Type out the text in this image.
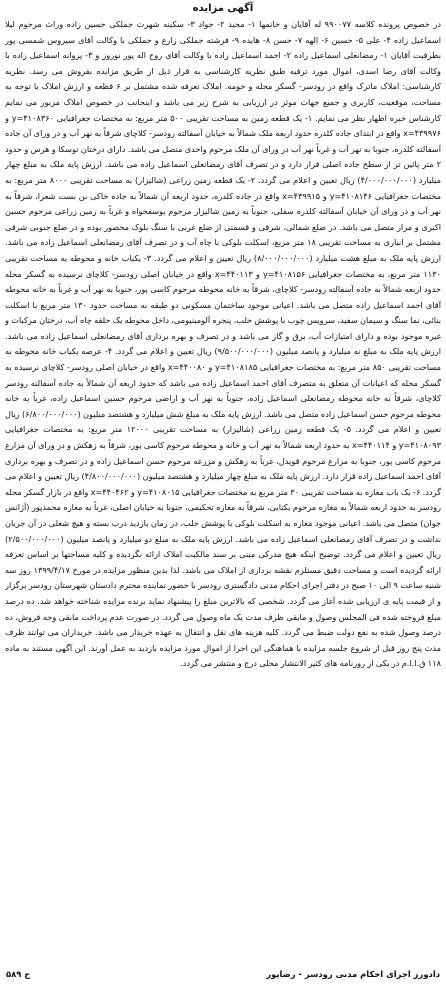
آگهی مزایده

در خصوص پرونده کلاسه ۹۹۰۰۷۷ له آقایان و خانمها ۱- مجید ۲- جواد ۳- سکینه شهرت جملکی حسین زاده وراث مرحوم لیلا اسماعیل زاده ۴- علی ۵- حسین ۶- الهه ۷- حسن ۸- هایده ۹- فرشته جملکی زارع و جملکی با وکالت آقای سیروس شمسی پور بطرفیت آقایان ۱- رمضانعلی اسماعیل زاده ۲- احمد اسماعیل زاده با وکالت آقای روح اله پور نوروز و ۳- پروانه اسماعیل زاده با وکالت آقای رضا اسدی، اموال مورد ترفیه طبق نظریه کارشناسی به قرار ذیل از طریق مزایده بفروش می رسد. نظریه کارشناسی: املاک ماترک واقع در رودسر- گسکر محله و حومه. املاک تعرفه شده مشتمل بر ۶ قطعه و ارزش املاک با توجه به مساحت، موقعیت، کاربری و جمیع جهات موثر در ارزیابی به شرح زیر می باشد و اینجانب در خصوص املاک مزبور می نمایم کارشناس خبره اظهار نظر می نمایم. ۱- یک قطعه زمین به مساحت تقریبی ۵۰۰ متر مربع: به مختصات جغرافیایی y=۴۱۰۸۳۶۰ و x=۴۳۹۹۷۶ واقع در ابتدای جاده کلدره حدود اربعه ملک شمالاً به خیابان آسفالته رودسر- کلاچای شرقاً به نهر آب و در ورای آن جاده آسفالته کلدره، جنوبا به نهر آب و غرباً نهر آب در ورای آن ملک مرحوم واحدی متصل می باشد. دارای درختان توسکا و هرس و حدود ۲ متر پائین تر از سطح جاده اصلی قرار دارد و در تصرف آقای رمضانعلی اسماعیل زاده می باشد. ارزش پایه ملک به مبلغ چهار میلیارد (۴/۰۰۰/۰۰۰/۰۰۰) ریال تعیین و اعلام می گردد. ۲- یک قطعه زمین زراعی (شالیزار) به مساحت تقریبی ۸۰۰۰ متر مربع: به مختصات جغرافیایی y=۴۱۰۸۱۴۶ و x=۴۳۹۹۱۵ واقع در جاده کلدره، حدود اربعه آن شمالاً به جاده خاکی بن بست شعرا، شرقاً به نهر آب و در ورای آن خیابان آسفالته کلدره سفلی، جنوباً به زمین شالیزار مرحوم یوسفخواه و غرباً به زمین زراعی مرحوم حسین اکبری و مزار متصل می باشد. در ضلع شمالی، شرقی و قسمتی از ضلع غربی با سنگ بلوک محصور بوده و در ضلع جنوبی شرقی مشتمل بر انباری به مساحت تقریبی ۱۸ متر مربع، اسکلت بلوکی با چاه آب و در تصرف آقای رمضانعلی اسماعیل زاده می باشد. ارزش پایه ملک به مبلغ هشت میلیارد (۸/۰۰۰/۰۰۰/۰۰۰) ریال تعیین و اعلام می گردد. ۳- یکباب خانه و محوطه به مساحت تقریبی ۱۱۳۰ متر مربع، به مختصات جغرافیایی y=۴۱۰۸۱۵۶ و x=۴۴۰۱۱۳ واقع در خیابان اصلی رودسر- کلاچای نرسیده به گسکر محله حدود اربعه شمالاً به جاده آسفالته رودسر- کلاچای، شرقاً به خانه محوطه مرحوم کاسی پور، جنوبا به نهر آب و غرباً به خانه محوطه آقای احمد اسماعیل زاده متصل می باشد. اعیانی موجود ساختمان مسکونی دو طبقه به مساحت حدود ۱۳۰ متر مربع با اسکلت بنائی، نما سنگ و سیمان سفید، سرویس چوب با پوشش حلب، پنجره آلومینیومی، داخل محوطه یک حلقه چاه آب، درختان مرکبات و غیره موجود بوده و دارای امتیازات آب، برق و گاز می باشد و در تصرف و بهره برداری آقای رمضانعلی اسماعیل زاده می باشد. ارزش پایه ملک به مبلغ نه میلیارد و پانصد میلیون (۹/۵۰۰/۰۰۰/۰۰۰) ریال تعیین و اعلام می گردد. ۴- عرصه یکباب خانه محوطه به مساحت تقریبی ۸۵۰ متر مربع: به مختصات جغرافیایی y=۴۱۰۸۱۸۵ و x=۴۴۰۰۸۰ واقع در خیابان اصلی رودسر- کلاچای نرسیده به گسکر محله که اعیانات آن متعلق به متصرف آقای احمد اسماعیل زاده می باشد که حدود اربعه آن شمالاً به جاده آسفالته رودسر کلاچای، شرقاً به خانه محوطه رمضانعلی اسماعیل زاده، جنوباً به نهر آب و اراضی مرحوم حسین اسماعیل زاده، غرباً به خانه محوطه مرحوم حسن اسماعیل زاده متصل می باشد. ارزش پایه ملک به مبلغ شش میلیارد و هشتصد میلیون (۶/۸۰۰/۰۰۰/۰۰۰) ریال تعیین و اعلام می گردد. ۵- یک قطعه زمین زراعی (شالیزار) به مساحت تقریبی ۱۲۰۰۰ متر مربع: به مختصات جغرافیایی y=۴۱۰۸۰۹۳ و x=۴۴۰۱۱۴ به حدود اربعه شمالاً به نهر آب و خانه و محوطه مرحوم کاسی پور، شرقاً به زهکش و در ورای آن مزارع مرحوم کاسی پور، جنوبا به مزارع مرحوم قویدل، غرباً به زهکش و مزرعه مرحوم حسن اسماعیل زاده و در تصرف و بهره برداری آقای احمد اسماعیل زاده قرار دارد. ارزش پایه ملک به مبلغ چهار میلیارد و هشتصد میلیون (۴/۸۰۰/۰۰۰/۰۰۰) ریال تعیین و اعلام می گردد. ۶- یک باب مغازه به مساحت تقریبی ۳۰ متر مربع به مختصات جغرافیایی y=۴۱۰۸۰۱۵ و x=۴۴۰۴۶۲ واقع در بازار گسکر محله رودسر به حدود اربعه شمالاً به مغازه مرحوم یکتایی، شرقاً به مغازه تحکیمی، جنوبا به خیابان اصلی، غرباً به مغازه محمدپور (آژانس جوان) متصل می باشد. اعیانی موجود مغازه به اسکلت بلوکی با پوشش حلب، در زمان بازدید درب بسته و هیچ شغلی در آن جریان نداشت و در تصرف آقای رمضانعلی اسماعیل زاده می باشد. ارزش پایه ملک به مبلغ دو میلیارد و پانصد میلیون (۲/۵۰۰/۰۰۰/۰۰۰) ریال تعیین و اعلام می گردد. توضیح اینکه هیچ مدرکی مبنی بر سند مالکیت املاک ارائه نگردیده و کلیه مساحتها بر اساس تعرفه ارائه گردیده است و مساحت دقیق مستلزم نقشه برداری از املاک می باشد. لذا بدین منظور مزایده در مورخ ۱۳۹۹/۴/۱۷ روز سه شنبه ساعت ۹ الی ۱۰ صبح در دفتر اجرای احکام مدنی دادگستری رودسر با حضور نماینده محترم دادستان شهرستان رودسر برگزار و از قیمت پایه ی ارزیابی شده آغاز می گردد. شخصی که بالاترین مبلغ را پیشنهاد نماید برنده مزایده شناخته خواهد شد. ده درصد مبلغ فروخته شده فی المجلس وصول و مابقی ظرف مدت یک ماه وصول می گردد. در صورت عدم پرداخت مابقی وجه فروش، ده درصد وصول شده به نفع دولت ضبط می گردد. کلیه هزینه های نقل و انتقال به عهده خریدار می باشد. خریداران می توانند ظرف مدت پنج روز قبل از شروع جلسه مزایده با هماهنگی این اجرا از اموال مورد مزایده بازدید به عمل آورند. این آگهی مستند به ماده ۱۱۸ ق.ا.ا.م در یکی از روزنامه های کثیر الانتشار محلی درج و منتشر می گردد.

دادورز اجرای احکام مدنی رودسر - رضاپور
ح ۵۸۹
